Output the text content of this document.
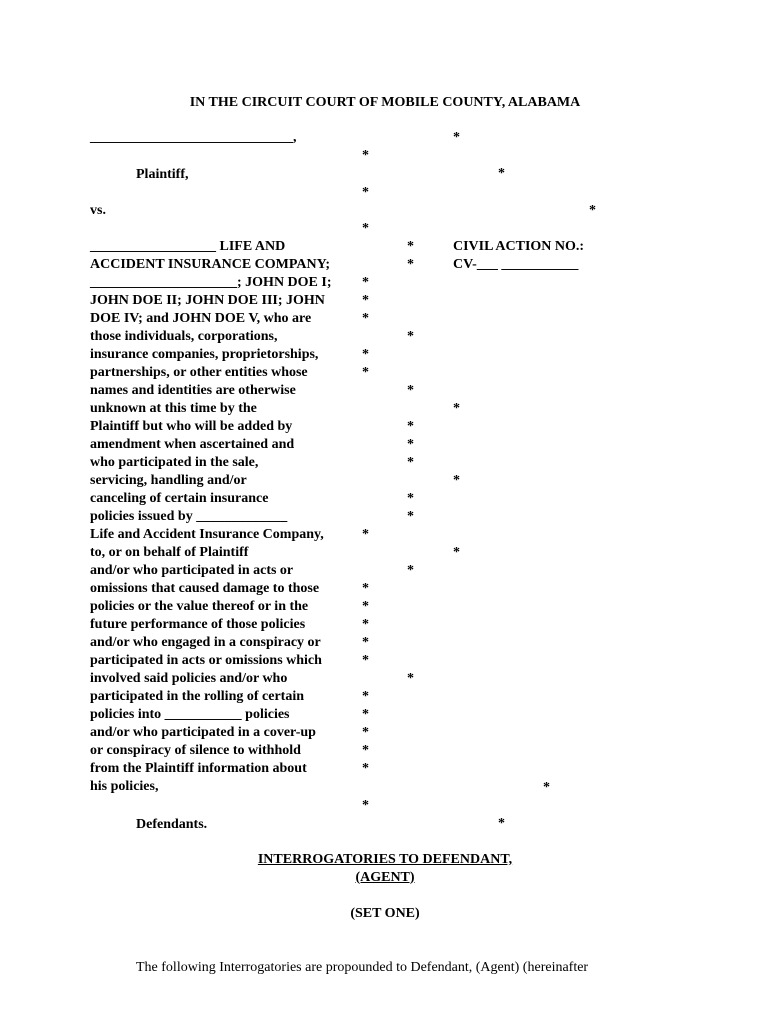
IN THE CIRCUIT COURT OF MOBILE COUNTY, ALABAMA
_____________________________,
Plaintiff,
vs.
__________________ LIFE AND
ACCIDENT INSURANCE COMPANY;
_____________________; JOHN DOE I;
JOHN DOE II; JOHN DOE III; JOHN
DOE IV; and JOHN DOE V, who are
those individuals, corporations,
insurance companies, proprietorships,
partnerships, or other entities whose
names and identities are otherwise
unknown at this time by the
Plaintiff but who will be added by
amendment when ascertained and
who participated in the sale,
servicing, handling and/or
canceling of certain insurance
policies issued by _____________
Life and Accident Insurance Company,
to, or on behalf of Plaintiff
and/or who participated in acts or
omissions that caused damage to those
policies or the value thereof or in the
future performance of those policies
and/or who engaged in a conspiracy or
participated in acts or omissions which
involved said policies and/or who
participated in the rolling of certain
policies into ___________ policies
and/or who participated in a cover-up
or conspiracy of silence to withhold
from the Plaintiff information about
his policies,
Defendants.
CIVIL ACTION NO.:
CV-___ ___________
*
*
*
*
*
*
*
*
*
*
*
*
*
*
*
*
*
*
*
*
*
*
*
*
*
*
*
*
*
*
*
*
*
*
*
*
*
*
*
INTERROGATORIES TO DEFENDANT,
(AGENT)
(SET ONE)
The following Interrogatories are propounded to Defendant, (Agent) (hereinafter
